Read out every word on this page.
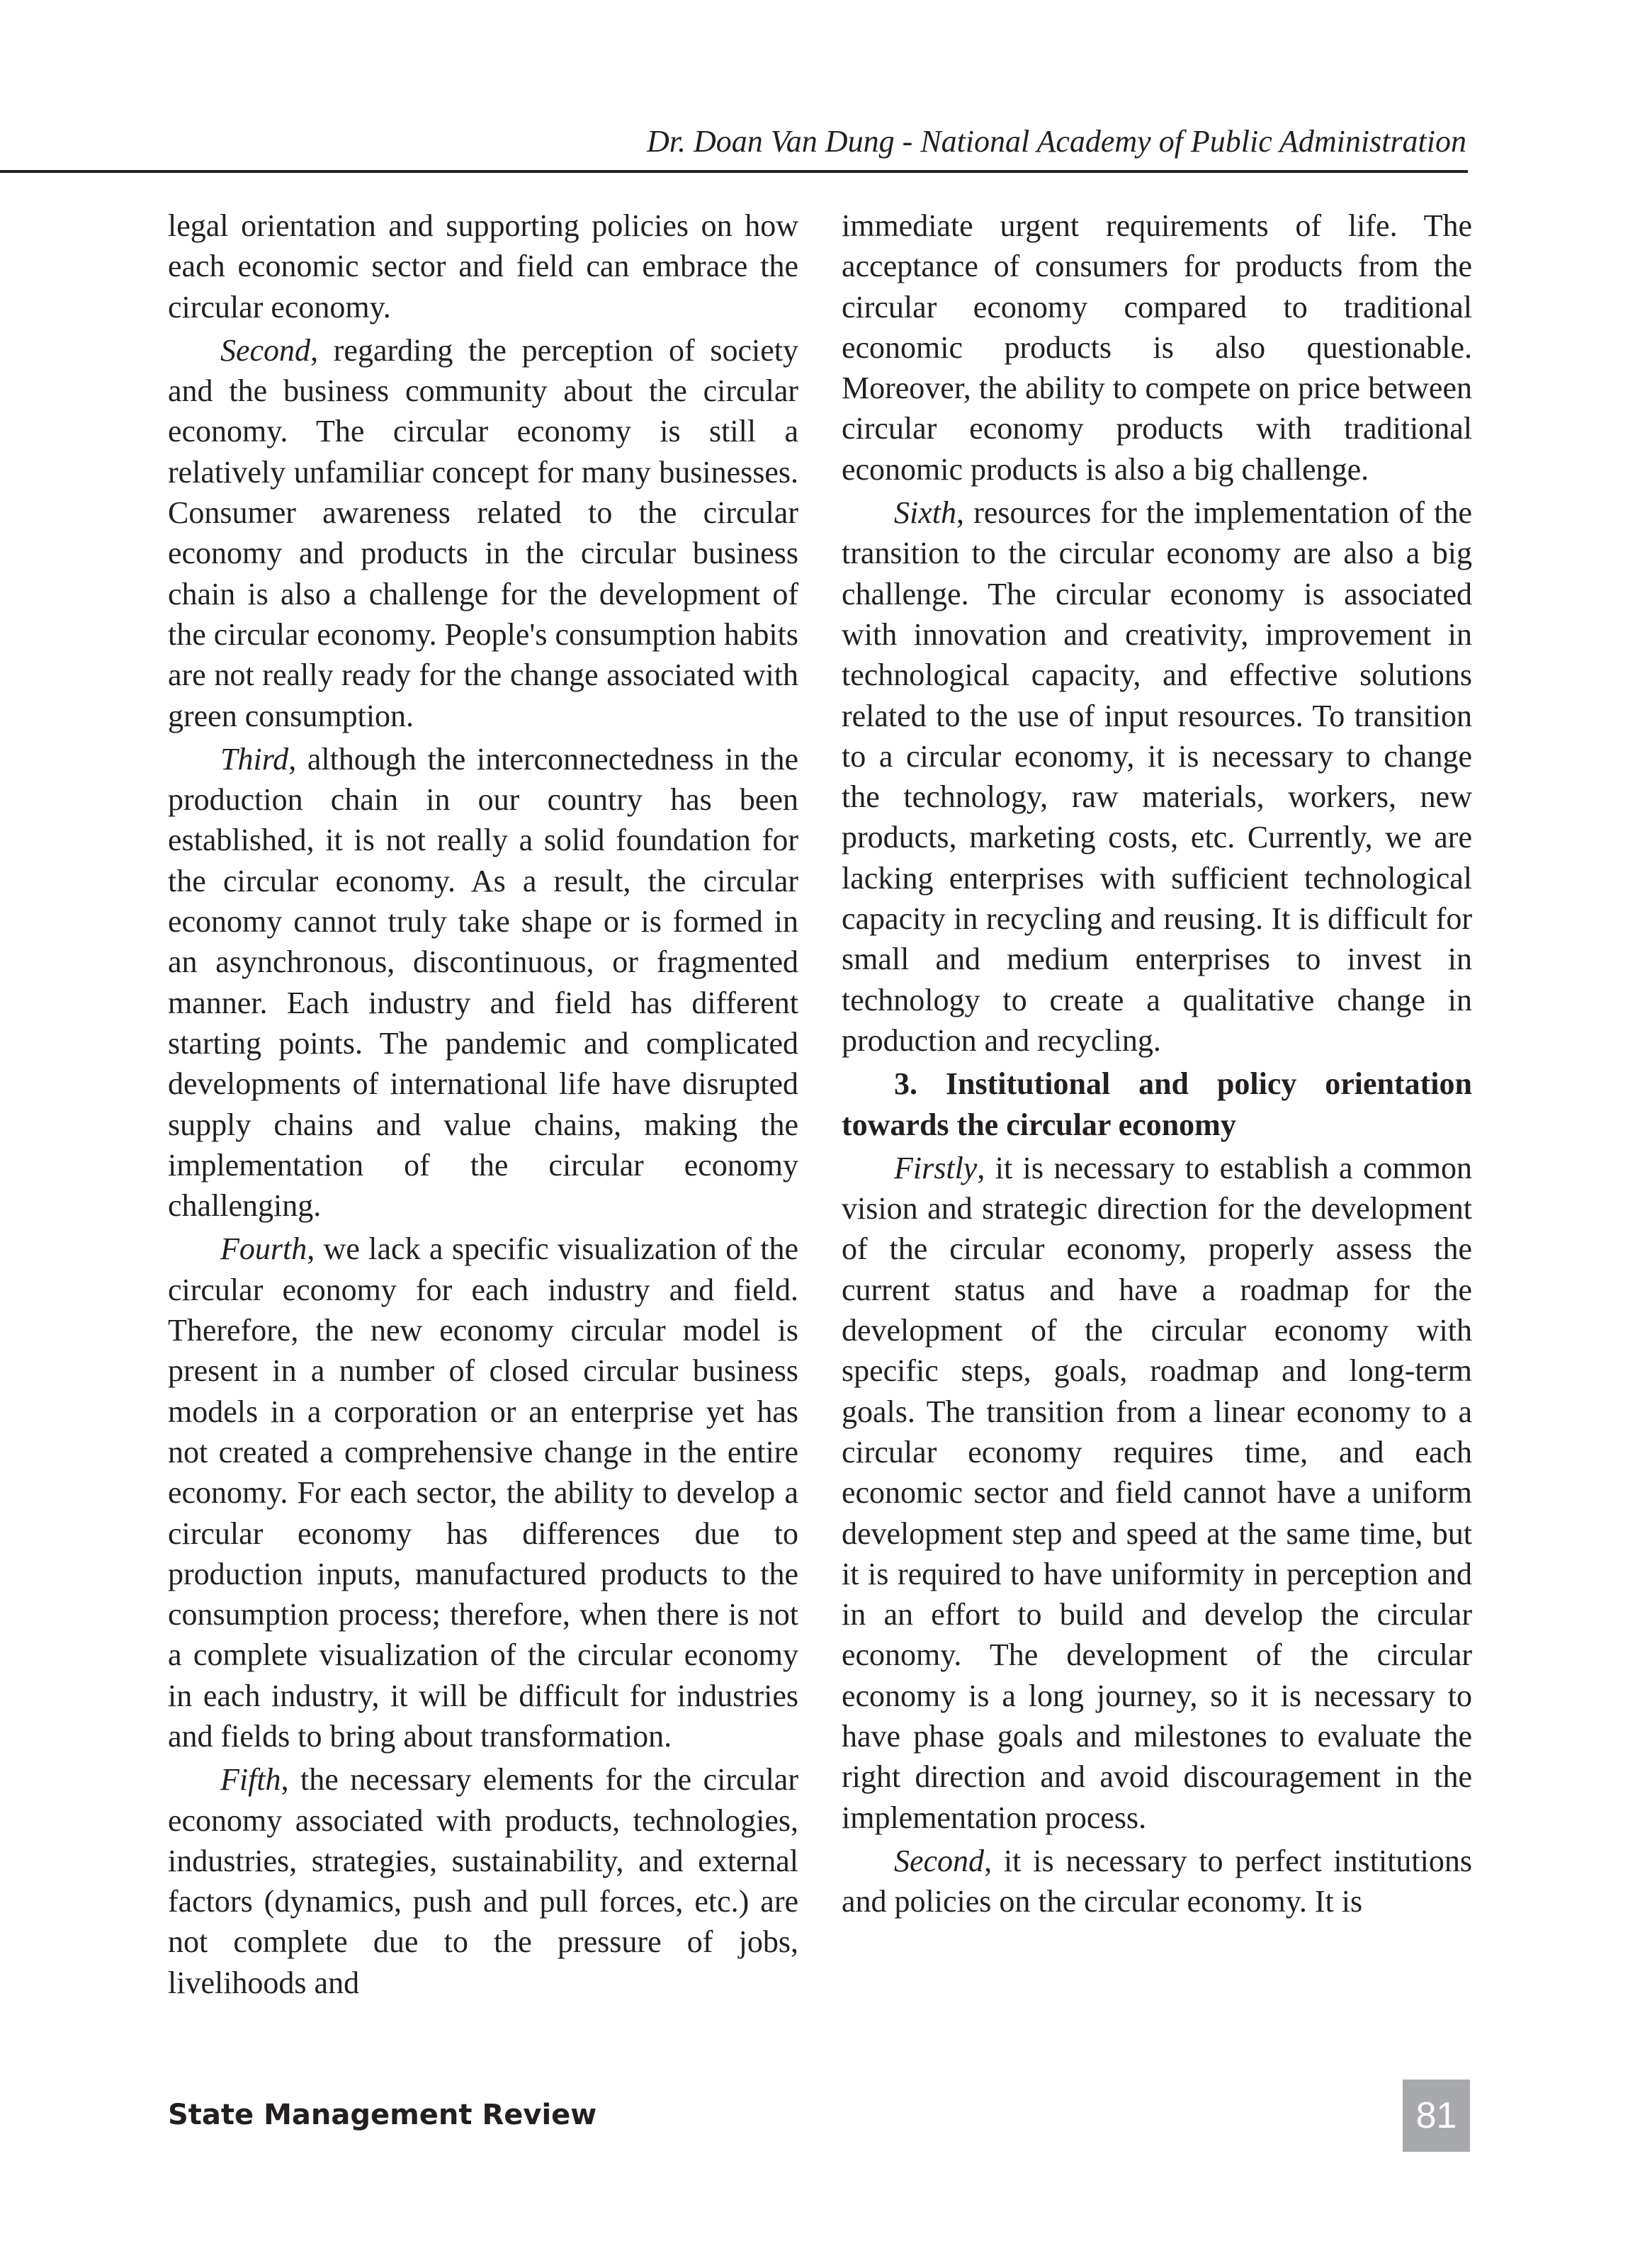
Dr. Doan Van Dung - National Academy of Public Administration

legal orientation and supporting policies on how each economic sector and field can embrace the circular economy.

Second, regarding the perception of society and the business community about the circular economy. The circular economy is still a relatively unfamiliar concept for many businesses. Consumer awareness related to the circular economy and products in the circular business chain is also a challenge for the development of the circular economy. People's consumption habits are not really ready for the change associated with green consumption.

Third, although the interconnectedness in the production chain in our country has been established, it is not really a solid foundation for the circular economy. As a result, the circular economy cannot truly take shape or is formed in an asynchronous, discontinuous, or fragmented manner. Each industry and field has different starting points. The pandemic and complicated developments of international life have disrupted supply chains and value chains, making the implementation of the circular economy challenging.

Fourth, we lack a specific visualization of the circular economy for each industry and field. Therefore, the new economy circular model is present in a number of closed circular business models in a corporation or an enterprise yet has not created a comprehensive change in the entire economy. For each sector, the ability to develop a circular economy has differences due to production inputs, manufactured products to the consumption process; therefore, when there is not a complete visualization of the circular economy in each industry, it will be difficult for industries and fields to bring about transformation.

Fifth, the necessary elements for the circular economy associated with products, technologies, industries, strategies, sustainability, and external factors (dynamics, push and pull forces, etc.) are not complete due to the pressure of jobs, livelihoods and

immediate urgent requirements of life. The acceptance of consumers for products from the circular economy compared to traditional economic products is also questionable. Moreover, the ability to compete on price between circular economy products with traditional economic products is also a big challenge.

Sixth, resources for the implementation of the transition to the circular economy are also a big challenge. The circular economy is associated with innovation and creativity, improvement in technological capacity, and effective solutions related to the use of input resources. To transition to a circular economy, it is necessary to change the technology, raw materials, workers, new products, marketing costs, etc. Currently, we are lacking enterprises with sufficient technological capacity in recycling and reusing. It is difficult for small and medium enterprises to invest in technology to create a qualitative change in production and recycling.

3. Institutional and policy orientation towards the circular economy

Firstly, it is necessary to establish a common vision and strategic direction for the development of the circular economy, properly assess the current status and have a roadmap for the development of the circular economy with specific steps, goals, roadmap and long-term goals. The transition from a linear economy to a circular economy requires time, and each economic sector and field cannot have a uniform development step and speed at the same time, but it is required to have uniformity in perception and in an effort to build and develop the circular economy. The development of the circular economy is a long journey, so it is necessary to have phase goals and milestones to evaluate the right direction and avoid discouragement in the implementation process.

Second, it is necessary to perfect institutions and policies on the circular economy. It is

State Management Review	81
